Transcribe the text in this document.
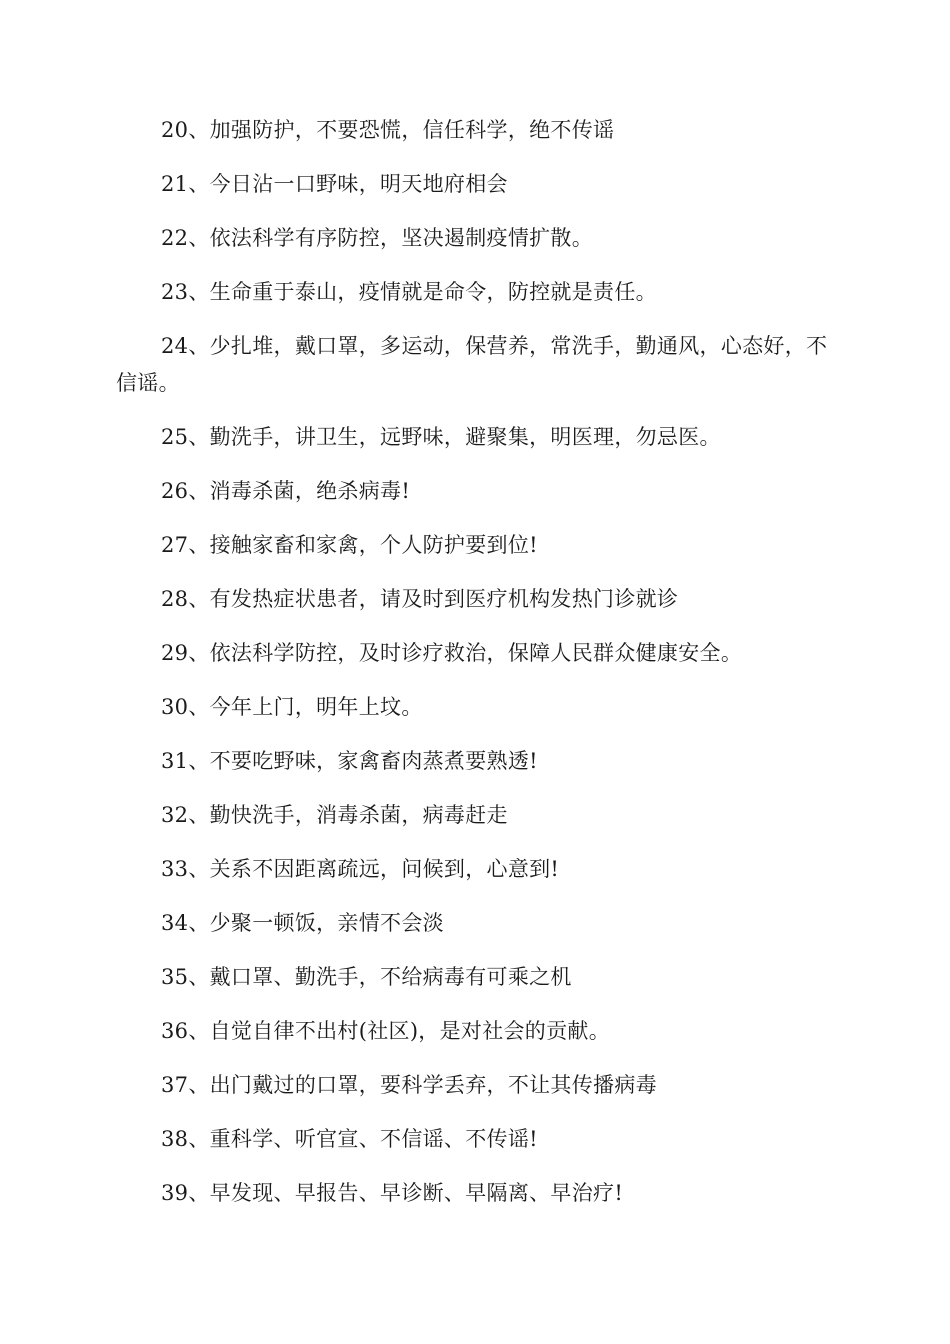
20、加强防护，不要恐慌，信任科学，绝不传谣

21、今日沾一口野味，明天地府相会

22、依法科学有序防控，坚决遏制疫情扩散。

23、生命重于泰山，疫情就是命令，防控就是责任。

24、少扎堆，戴口罩，多运动，保营养，常洗手，勤通风，心态好，不信谣。

25、勤洗手，讲卫生，远野味，避聚集，明医理，勿忌医。

26、消毒杀菌，绝杀病毒!

27、接触家畜和家禽，个人防护要到位!

28、有发热症状患者，请及时到医疗机构发热门诊就诊

29、依法科学防控，及时诊疗救治，保障人民群众健康安全。

30、今年上门，明年上坟。

31、不要吃野味，家禽畜肉蒸煮要熟透!

32、勤快洗手，消毒杀菌，病毒赶走

33、关系不因距离疏远，问候到，心意到!

34、少聚一顿饭，亲情不会淡

35、戴口罩、勤洗手，不给病毒有可乘之机

36、自觉自律不出村(社区)，是对社会的贡献。

37、出门戴过的口罩，要科学丢弃，不让其传播病毒

38、重科学、听官宣、不信谣、不传谣!

39、早发现、早报告、早诊断、早隔离、早治疗!
